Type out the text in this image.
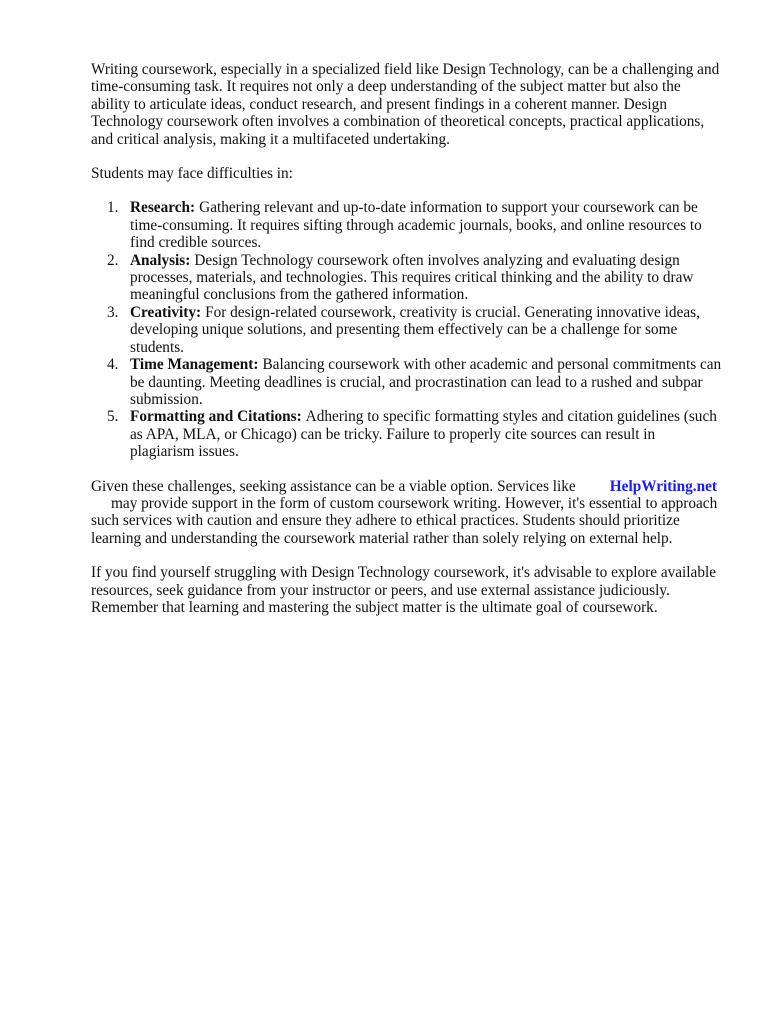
Writing coursework, especially in a specialized field like Design Technology, can be a challenging and time-consuming task. It requires not only a deep understanding of the subject matter but also the ability to articulate ideas, conduct research, and present findings in a coherent manner. Design Technology coursework often involves a combination of theoretical concepts, practical applications, and critical analysis, making it a multifaceted undertaking.

Students may face difficulties in:

1. Research: Gathering relevant and up-to-date information to support your coursework can be time-consuming. It requires sifting through academic journals, books, and online resources to find credible sources.
2. Analysis: Design Technology coursework often involves analyzing and evaluating design processes, materials, and technologies. This requires critical thinking and the ability to draw meaningful conclusions from the gathered information.
3. Creativity: For design-related coursework, creativity is crucial. Generating innovative ideas, developing unique solutions, and presenting them effectively can be a challenge for some students.
4. Time Management: Balancing coursework with other academic and personal commitments can be daunting. Meeting deadlines is crucial, and procrastination can lead to a rushed and subpar submission.
5. Formatting and Citations: Adhering to specific formatting styles and citation guidelines (such as APA, MLA, or Chicago) can be tricky. Failure to properly cite sources can result in plagiarism issues.
Given these challenges, seeking assistance can be a viable option. Services like HelpWriting.net

may provide support in the form of custom coursework writing. However, it's essential to approach such services with caution and ensure they adhere to ethical practices. Students should prioritize learning and understanding the coursework material rather than solely relying on external help.

If you find yourself struggling with Design Technology coursework, it's advisable to explore available resources, seek guidance from your instructor or peers, and use external assistance judiciously. Remember that learning and mastering the subject matter is the ultimate goal of coursework.
